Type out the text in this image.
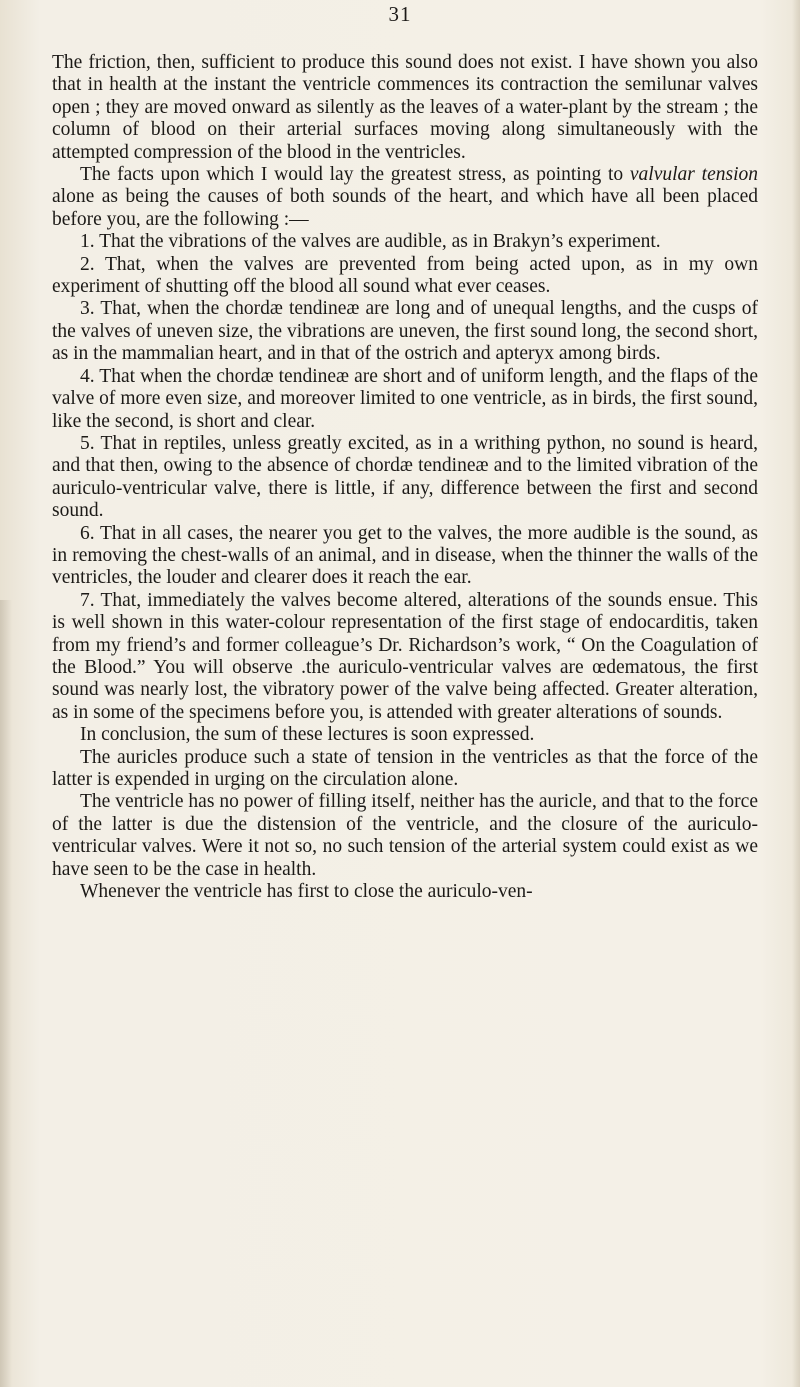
31

The friction, then, sufficient to produce this sound does not exist. I have shown you also that in health at the instant the ventricle commences its contraction the semilunar valves open ; they are moved onward as silently as the leaves of a water-plant by the stream ; the column of blood on their arterial surfaces moving along simultaneously with the attempted compression of the blood in the ventricles.

The facts upon which I would lay the greatest stress, as pointing to valvular tension alone as being the causes of both sounds of the heart, and which have all been placed before you, are the following :—

1. That the vibrations of the valves are audible, as in Brakyn’s experiment.

2. That, when the valves are prevented from being acted upon, as in my own experiment of shutting off the blood all sound what ever ceases.

3. That, when the chordæ tendineæ are long and of unequal lengths, and the cusps of the valves of uneven size, the vibrations are uneven, the first sound long, the second short, as in the mammalian heart, and in that of the ostrich and apteryx among birds.

4. That when the chordæ tendineæ are short and of uniform length, and the flaps of the valve of more even size, and moreover limited to one ventricle, as in birds, the first sound, like the second, is short and clear.

5. That in reptiles, unless greatly excited, as in a writhing python, no sound is heard, and that then, owing to the absence of chordæ tendineæ and to the limited vibration of the auriculo-ventricular valve, there is little, if any, difference between the first and second sound.

6. That in all cases, the nearer you get to the valves, the more audible is the sound, as in removing the chest-walls of an animal, and in disease, when the thinner the walls of the ventricles, the louder and clearer does it reach the ear.

7. That, immediately the valves become altered, alterations of the sounds ensue. This is well shown in this water-colour representation of the first stage of endocarditis, taken from my friend’s and former colleague’s Dr. Richardson’s work, “ On the Coagulation of the Blood.” You will observe .the auriculo-ventricular valves are œdematous, the first sound was nearly lost, the vibratory power of the valve being affected. Greater alteration, as in some of the specimens before you, is attended with greater alterations of sounds.

In conclusion, the sum of these lectures is soon expressed.

The auricles produce such a state of tension in the ventricles as that the force of the latter is expended in urging on the circulation alone.

The ventricle has no power of filling itself, neither has the auricle, and that to the force of the latter is due the distension of the ventricle, and the closure of the auriculo-ventricular valves. Were it not so, no such tension of the arterial system could exist as we have seen to be the case in health.

Whenever the ventricle has first to close the auriculo-ven-
